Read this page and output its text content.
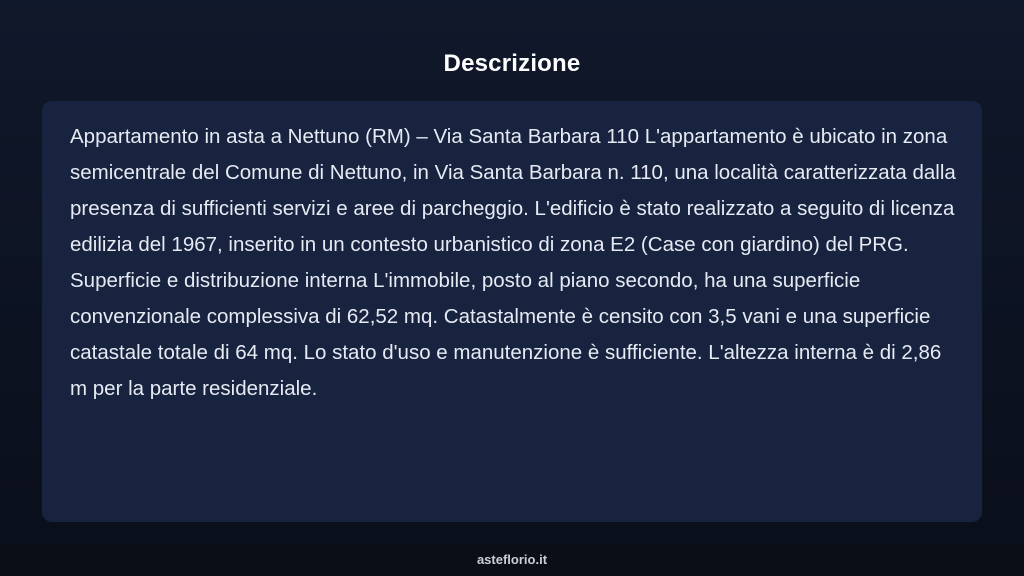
Descrizione

Appartamento in asta a Nettuno (RM) – Via Santa Barbara 110 L'appartamento è ubicato in zona semicentrale del Comune di Nettuno, in Via Santa Barbara n. 110, una località caratterizzata dalla presenza di sufficienti servizi e aree di parcheggio. L'edificio è stato realizzato a seguito di licenza edilizia del 1967, inserito in un contesto urbanistico di zona E2 (Case con giardino) del PRG. Superficie e distribuzione interna L'immobile, posto al piano secondo, ha una superficie convenzionale complessiva di 62,52 mq. Catastalmente è censito con 3,5 vani e una superficie catastale totale di 64 mq. Lo stato d'uso e manutenzione è sufficiente. L'altezza interna è di 2,86 m per la parte residenziale.

asteflorio.it
